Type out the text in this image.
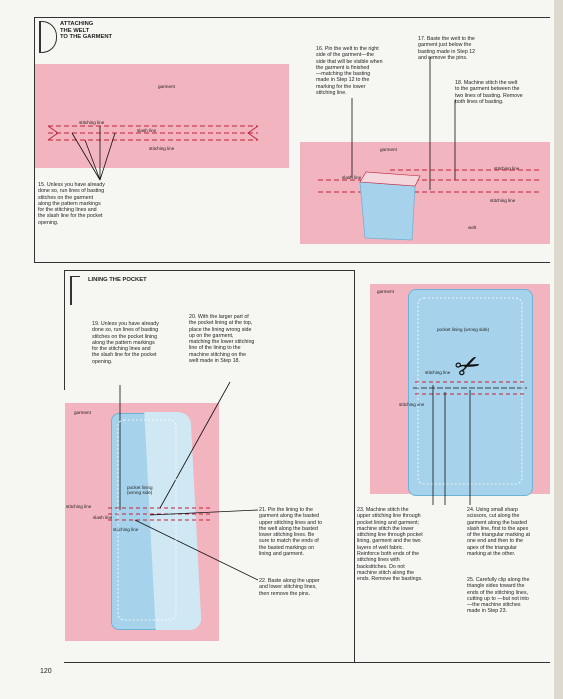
ATTACHING
THE WELT
TO THE GARMENT
garment
stitching line
slash line
stitching line	garment
slash line
stitching line
stitching line
welt
15. Unless you have already
done so, run lines of basting
stitches on the garment
along the pattern markings
for the stitching lines and
the slash line for the pocket
opening.
16. Pin the welt to the right
side of the garment—the
side that will be visible when
the garment is finished
—matching the basting
made in Step 12 to the
marking for the lower
stitching line.
17. Baste the welt to the
garment just below the
basting made in Step 12
and remove the pins.
18. Machine stitch the welt
to the garment between the
two lines of basting. Remove
both lines of basting.
LINING THE POCKET
19. Unless you have already
done so, run lines of basting
stitches on the pocket lining
along the pattern markings
for the stitching lines and
the slash line for the pocket
opening.
20. With the larger part of
the pocket lining at the top,
place the lining wrong side
up on the garment,
matching the lower stitching
line of the lining to the
machine stitching on the
welt made in Step 18.
garment
pocket lining
(wrong side)
stitching line
slash line
stitching line
garment
pocket lining (wrong side)
stitching line
stitching line
✂
21. Pin the lining to the
garment along the basted
upper stitching lines and to
the welt along the basted
lower stitching lines. Be
sure to match the ends of
the basted markings on
lining and garment.
22. Baste along the upper
and lower stitching lines,
then remove the pins.
23. Machine stitch the
upper stitching line through
pocket lining and garment;
machine stitch the lower
stitching line through pocket
lining, garment and the two
layers of welt fabric.
Reinforce both ends of the
stitching lines with
backstitches. Do not
machine stitch along the
ends. Remove the bastings.
24. Using small sharp
scissors, cut along the
garment along the basted
slash line, first to the apex
of the triangular marking at
one end and then to the
apex of the triangular
marking at the other.
25. Carefully clip along the
triangle sides toward the
ends of the stitching lines,
cutting up to —but not into
—the machine stitches
made in Step 23.
120
